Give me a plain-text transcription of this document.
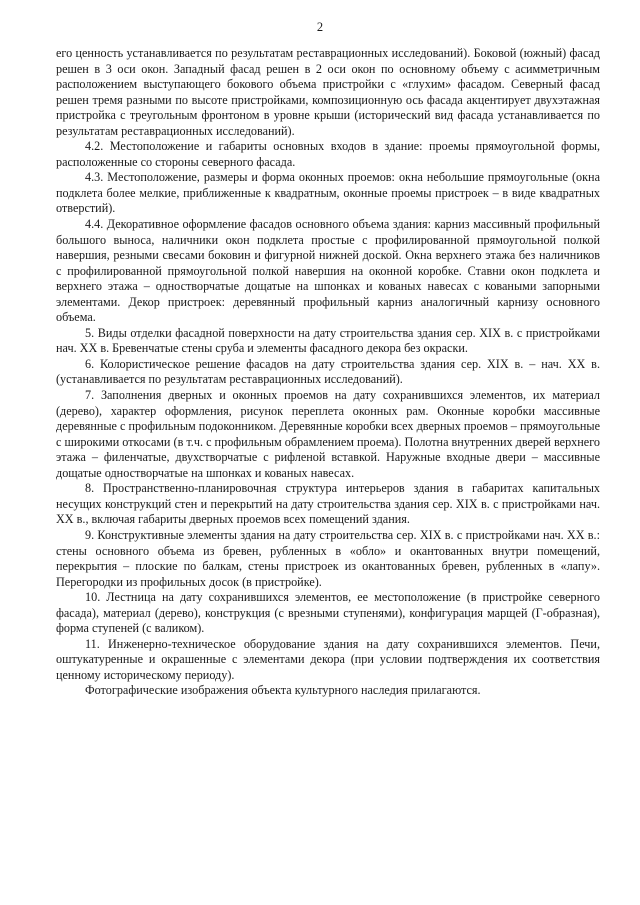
2

его ценность устанавливается по результатам реставрационных исследований). Боковой (южный) фасад решен в 3 оси окон. Западный фасад решен в 2 оси окон по основному объему с асимметричным расположением выступающего бокового объема пристройки с «глухим» фасадом. Северный фасад решен тремя разными по высоте пристройками, композиционную ось фасада акцентирует двухэтажная пристройка с треугольным фронтоном в уровне крыши (исторический вид фасада устанавливается по результатам реставрационных исследований).

4.2. Местоположение и габариты основных входов в здание: проемы прямоугольной формы, расположенные со стороны северного фасада.

4.3. Местоположение, размеры и форма оконных проемов: окна небольшие прямоугольные (окна подклета более мелкие, приближенные к квадратным, оконные проемы пристроек – в виде квадратных отверстий).

4.4. Декоративное оформление фасадов основного объема здания: карниз массивный профильный большого выноса, наличники окон подклета простые с профилированной прямоугольной полкой навершия, резными свесами боковин и фигурной нижней доской. Окна верхнего этажа без наличников с профилированной прямоугольной полкой навершия на оконной коробке. Ставни окон подклета и верхнего этажа – одностворчатые дощатые на шпонках и кованых навесах с коваными запорными элементами. Декор пристроек: деревянный профильный карниз аналогичный карнизу основного объема.

5. Виды отделки фасадной поверхности на дату строительства здания сер. XIX в. с пристройками нач. XX в. Бревенчатые стены сруба и элементы фасадного декора без окраски.

6. Колористическое решение фасадов на дату строительства здания сер. XIX в. – нач. XX в. (устанавливается по результатам реставрационных исследований).

7. Заполнения дверных и оконных проемов на дату сохранившихся элементов, их материал (дерево), характер оформления, рисунок переплета оконных рам. Оконные коробки массивные деревянные с профильным подоконником. Деревянные коробки всех дверных проемов – прямоугольные с широкими откосами (в т.ч. с профильным обрамлением проема). Полотна внутренних дверей верхнего этажа – филенчатые, двухстворчатые с рифленой вставкой. Наружные входные двери – массивные дощатые одностворчатые на шпонках и кованых навесах.

8. Пространственно-планировочная структура интерьеров здания в габаритах капитальных несущих конструкций стен и перекрытий на дату строительства здания сер. XIX в. с пристройками нач. XX в., включая габариты дверных проемов всех помещений здания.

9. Конструктивные элементы здания на дату строительства сер. XIX в. с пристройками нач. XX в.: стены основного объема из бревен, рубленных в «обло» и окантованных внутри помещений, перекрытия – плоские по балкам, стены пристроек из окантованных бревен, рубленных в «лапу». Перегородки из профильных досок (в пристройке).

10. Лестница на дату сохранившихся элементов, ее местоположение (в пристройке северного фасада), материал (дерево), конструкция (с врезными ступенями), конфигурация марщей (Г-образная), форма ступеней (с валиком).

11. Инженерно-техническое оборудование здания на дату сохранившихся элементов. Печи, оштукатуренные и окрашенные с элементами декора (при условии подтверждения их соответствия ценному историческому периоду).

Фотографические изображения объекта культурного наследия прилагаются.
